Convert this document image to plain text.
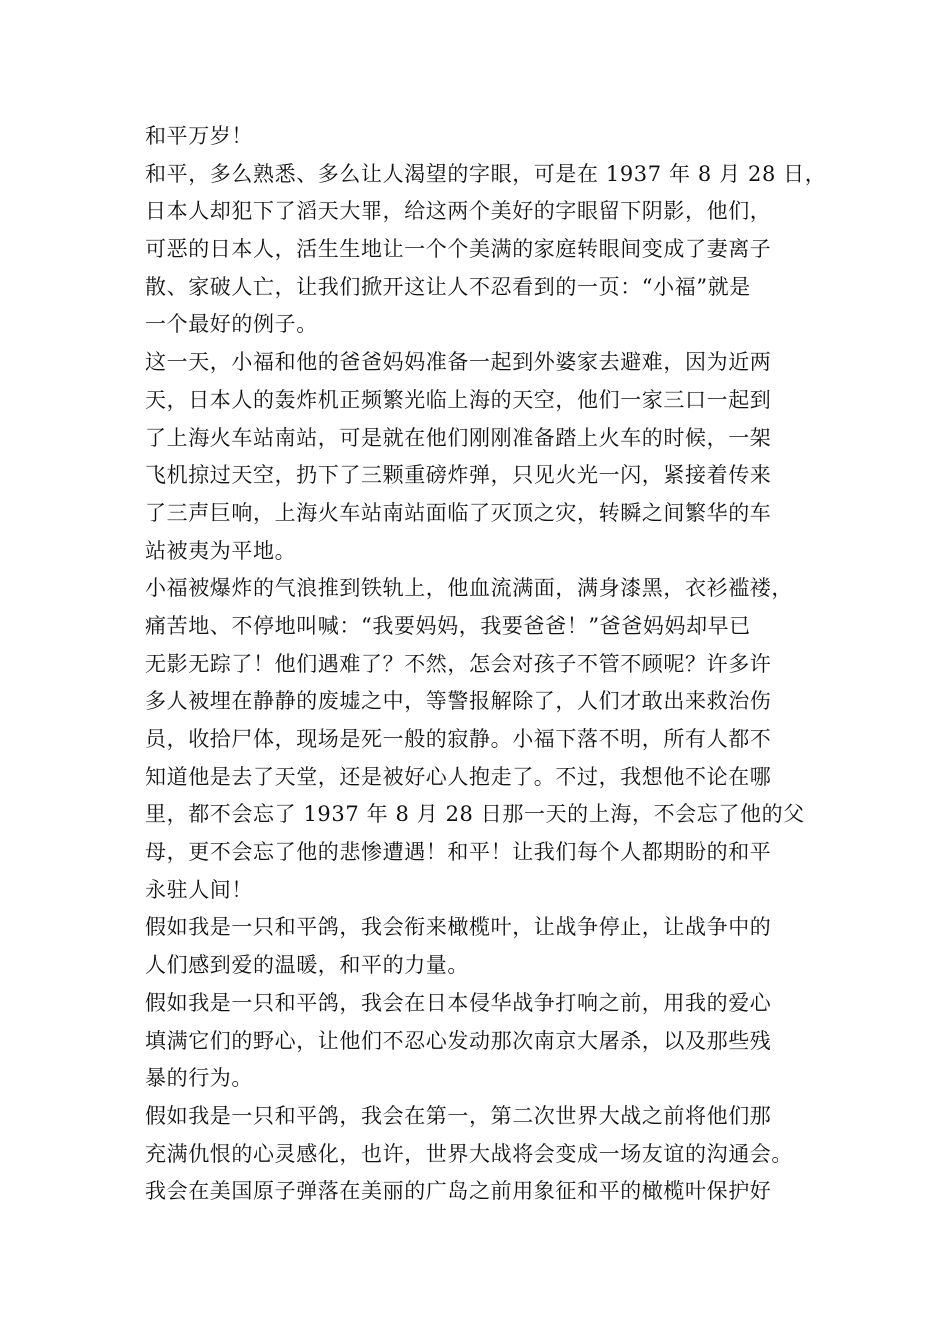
和平万岁！
和平，多么熟悉、多么让人渴望的字眼，可是在 1937 年 8 月 28 日，
日本人却犯下了滔天大罪，给这两个美好的字眼留下阴影，他们，
可恶的日本人，活生生地让一个个美满的家庭转眼间变成了妻离子
散、家破人亡，让我们掀开这让人不忍看到的一页：“小福”就是
一个最好的例子。
这一天，小福和他的爸爸妈妈准备一起到外婆家去避难，因为近两
天，日本人的轰炸机正频繁光临上海的天空，他们一家三口一起到
了上海火车站南站，可是就在他们刚刚准备踏上火车的时候，一架
飞机掠过天空，扔下了三颗重磅炸弹，只见火光一闪，紧接着传来
了三声巨响，上海火车站南站面临了灭顶之灾，转瞬之间繁华的车
站被夷为平地。
小福被爆炸的气浪推到铁轨上，他血流满面，满身漆黑，衣衫褴褛，
痛苦地、不停地叫喊：“我要妈妈，我要爸爸！”爸爸妈妈却早已
无影无踪了！他们遇难了？不然，怎会对孩子不管不顾呢？许多许
多人被埋在静静的废墟之中，等警报解除了，人们才敢出来救治伤
员，收拾尸体，现场是死一般的寂静。小福下落不明，所有人都不
知道他是去了天堂，还是被好心人抱走了。不过，我想他不论在哪
里，都不会忘了 1937 年 8 月 28 日那一天的上海，不会忘了他的父
母，更不会忘了他的悲惨遭遇！和平！让我们每个人都期盼的和平
永驻人间！
假如我是一只和平鸽，我会衔来橄榄叶，让战争停止，让战争中的
人们感到爱的温暖，和平的力量。
假如我是一只和平鸽，我会在日本侵华战争打响之前，用我的爱心
填满它们的野心，让他们不忍心发动那次南京大屠杀，以及那些残
暴的行为。
假如我是一只和平鸽，我会在第一，第二次世界大战之前将他们那
充满仇恨的心灵感化，也许，世界大战将会变成一场友谊的沟通会。
我会在美国原子弹落在美丽的广岛之前用象征和平的橄榄叶保护好
